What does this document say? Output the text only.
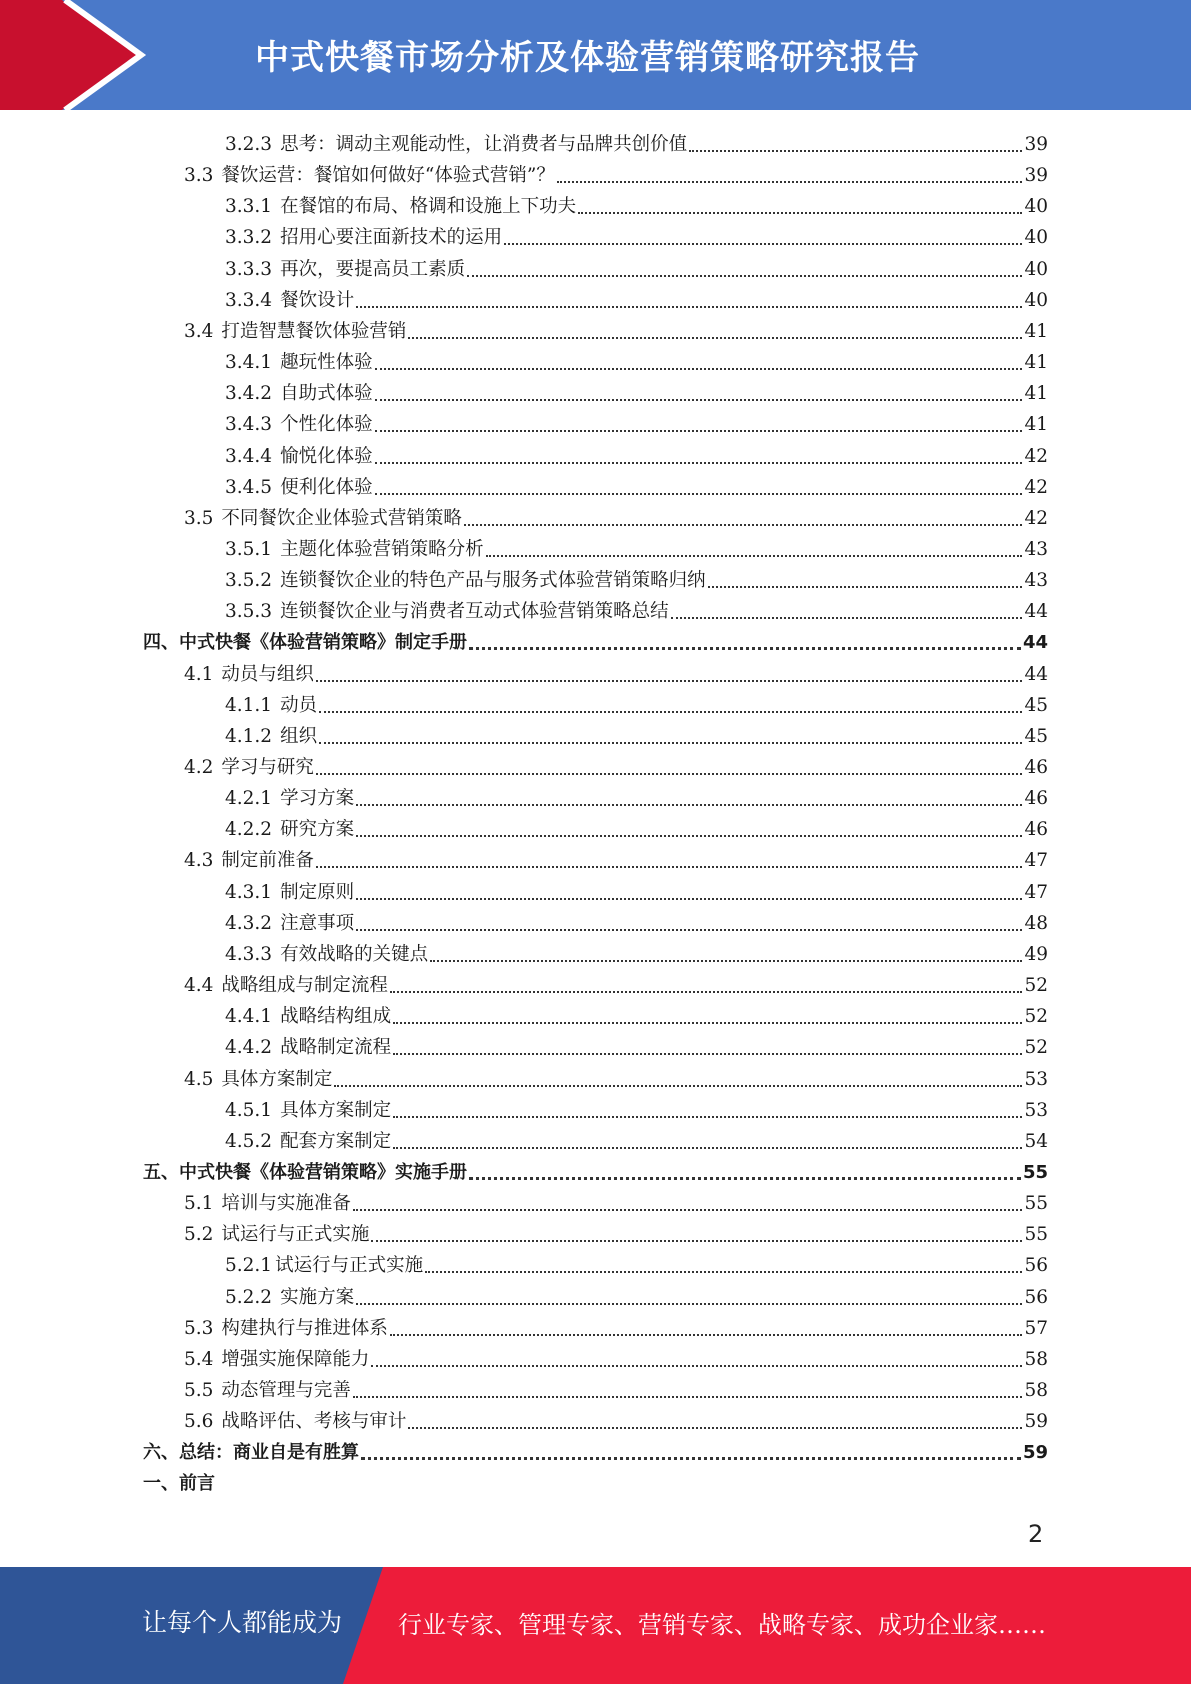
中式快餐市场分析及体验营销策略研究报告
3.2.3 思考：调动主观能动性，让消费者与品牌共创价值	39
3.3 餐饮运营：餐馆如何做好“体验式营销”？	39
3.3.1 在餐馆的布局、格调和设施上下功夫	40
3.3.2 招用心要注面新技术的运用	40
3.3.3 再次，要提高员工素质	40
3.3.4 餐饮设计	40
3.4 打造智慧餐饮体验营销	41
3.4.1 趣玩性体验	41
3.4.2 自助式体验	41
3.4.3 个性化体验	41
3.4.4 愉悦化体验	42
3.4.5 便利化体验	42
3.5 不同餐饮企业体验式营销策略	42
3.5.1 主题化体验营销策略分析	43
3.5.2 连锁餐饮企业的特色产品与服务式体验营销策略归纳	43
3.5.3 连锁餐饮企业与消费者互动式体验营销策略总结	44
四、中式快餐《体验营销策略》制定手册	44
4.1 动员与组织	44
4.1.1 动员	45
4.1.2 组织	45
4.2 学习与研究	46
4.2.1 学习方案	46
4.2.2 研究方案	46
4.3 制定前准备	47
4.3.1 制定原则	47
4.3.2 注意事项	48
4.3.3 有效战略的关键点	49
4.4 战略组成与制定流程	52
4.4.1 战略结构组成	52
4.4.2 战略制定流程	52
4.5 具体方案制定	53
4.5.1 具体方案制定	53
4.5.2 配套方案制定	54
五、中式快餐《体验营销策略》实施手册	55
5.1 培训与实施准备	55
5.2 试运行与正式实施	55
5.2.1 试运行与正式实施	56
5.2.2 实施方案	56
5.3 构建执行与推进体系	57
5.4 增强实施保障能力	58
5.5 动态管理与完善	58
5.6 战略评估、考核与审计	59
六、总结：商业自是有胜算	59
一、前言
2
让每个人都能成为 行业专家、管理专家、营销专家、战略专家、成功企业家……
